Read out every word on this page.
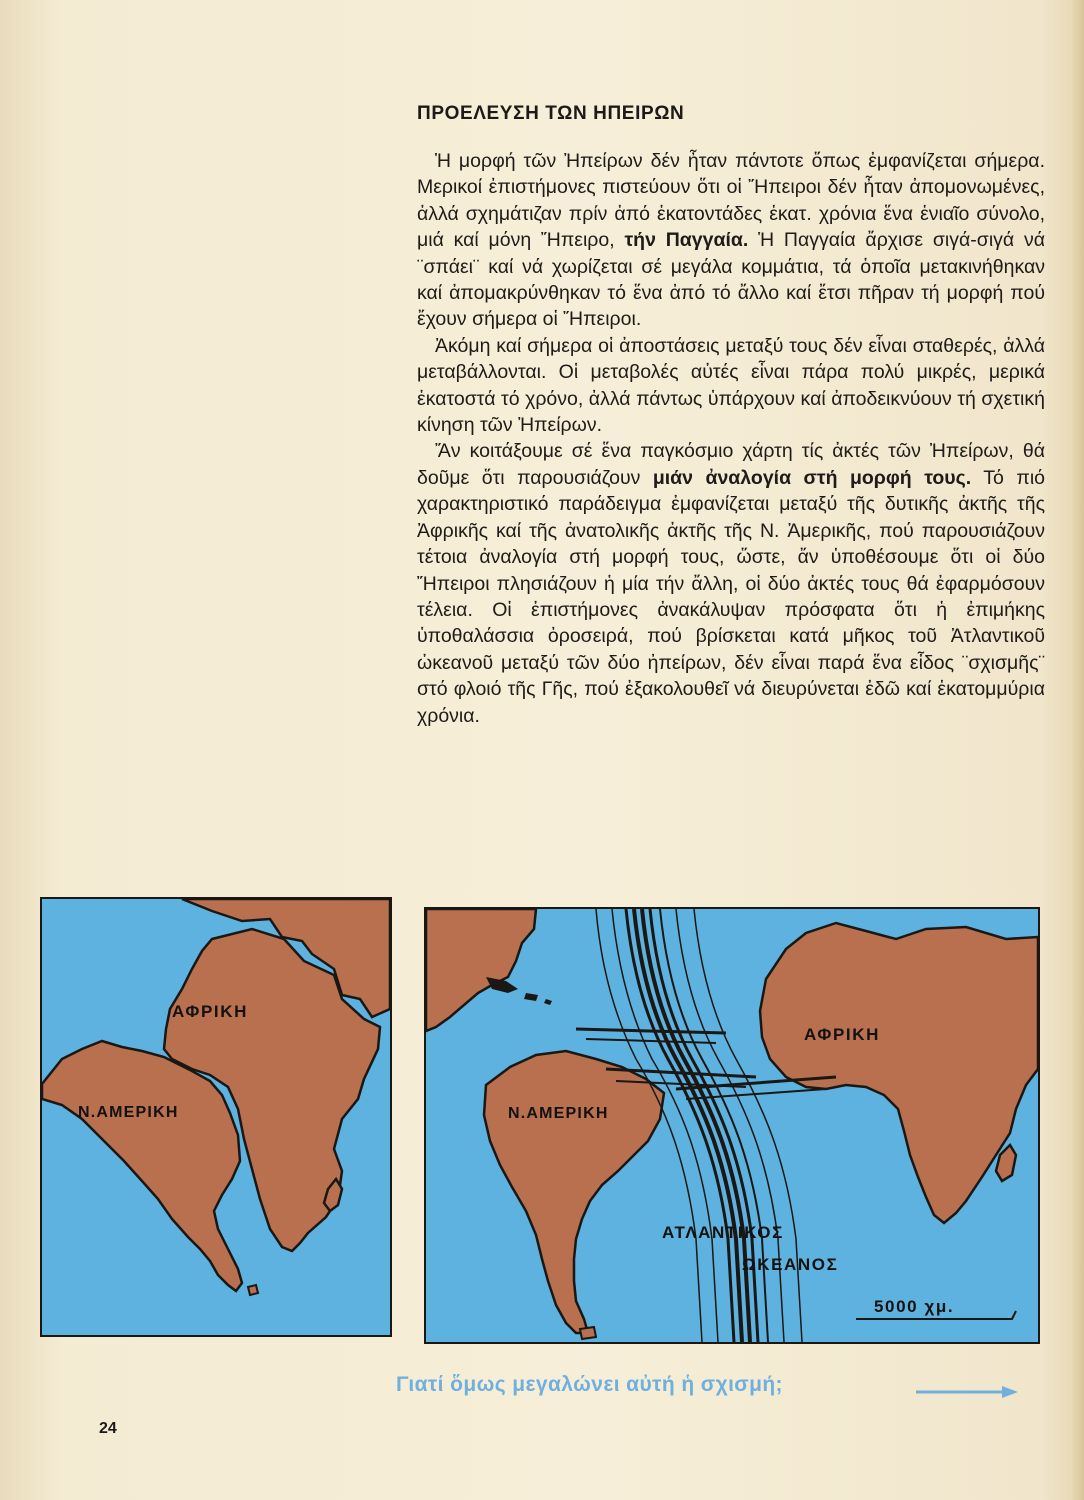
ΠΡΟΕΛΕΥΣΗ ΤΩΝ ΗΠΕΙΡΩΝ

Ἡ μορφή τῶν Ἠπείρων δέν ἦταν πάντοτε ὅπως ἐμφανίζεται σήμερα. Μερικοί ἐπιστήμονες πιστεύουν ὅτι οἱ Ἤπειροι δέν ἦταν ἀπομονωμένες, ἀλλά σχημάτιζαν πρίν ἀπό ἑκατοντάδες ἑκατ. χρόνια ἕνα ἑνιαῖο σύνολο, μιά καί μόνη Ἤπειρο, τήν Παγγαία. Ἡ Παγγαία ἄρχισε σιγά-σιγά νά ¨σπάει¨ καί νά χωρίζεται σέ μεγάλα κομμάτια, τά ὁποῖα μετακινήθηκαν καί ἀπομακρύνθηκαν τό ἕνα ἀπό τό ἄλλο καί ἔτσι πῆραν τή μορφή πού ἔχουν σήμερα οἱ Ἤπειροι.

Ἀκόμη καί σήμερα οἱ ἀποστάσεις μεταξύ τους δέν εἶναι σταθερές, ἀλλά μεταβάλλονται. Οἱ μεταβολές αὐτές εἶναι πάρα πολύ μικρές, μερικά ἑκατοστά τό χρόνο, ἀλλά πάντως ὑπάρχουν καί ἀποδεικνύουν τή σχετική κίνηση τῶν Ἠπείρων.

Ἄν κοιτάξουμε σέ ἕνα παγκόσμιο χάρτη τίς ἀκτές τῶν Ἠπείρων, θά δοῦμε ὅτι παρουσιάζουν μιάν ἀναλογία στή μορφή τους. Τό πιό χαρακτηριστικό παράδειγμα ἐμφανίζεται μεταξύ τῆς δυτικῆς ἀκτῆς τῆς Ἀφρικῆς καί τῆς ἀνατολικῆς ἀκτῆς τῆς Ν. Ἀμερικῆς, πού παρουσιάζουν τέτοια ἀναλογία στή μορφή τους, ὥστε, ἄν ὑποθέσουμε ὅτι οἱ δύο Ἤπειροι πλησιάζουν ἡ μία τήν ἄλλη, οἱ δύο ἀκτές τους θά ἐφαρμόσουν τέλεια. Οἱ ἐπιστήμονες ἀνακάλυψαν πρόσφατα ὅτι ἡ ἐπιμήκης ὑποθαλάσσια ὀροσειρά, πού βρίσκεται κατά μῆκος τοῦ Ἀτλαντικοῦ ὠκεανοῦ μεταξύ τῶν δύο ἠπείρων, δέν εἶναι παρά ἕνα εἶδος ¨σχισμῆς¨ στό φλοιό τῆς Γῆς, πού ἐξακολουθεῖ νά διευρύνεται ἐδῶ καί ἑκατομμύρια χρόνια.

ΑΦΡΙΚΗ
Ν.ΑΜΕΡΙΚΗ
ΑΦΡΙΚΗ
Ν.ΑΜΕΡΙΚΗ
ΑΤΛΑΝΤΙΚΟΣ
ΩΚΕΑΝΟΣ
5000 χμ.
Γιατί ὅμως μεγαλώνει αὐτή ἡ σχισμή;
24
